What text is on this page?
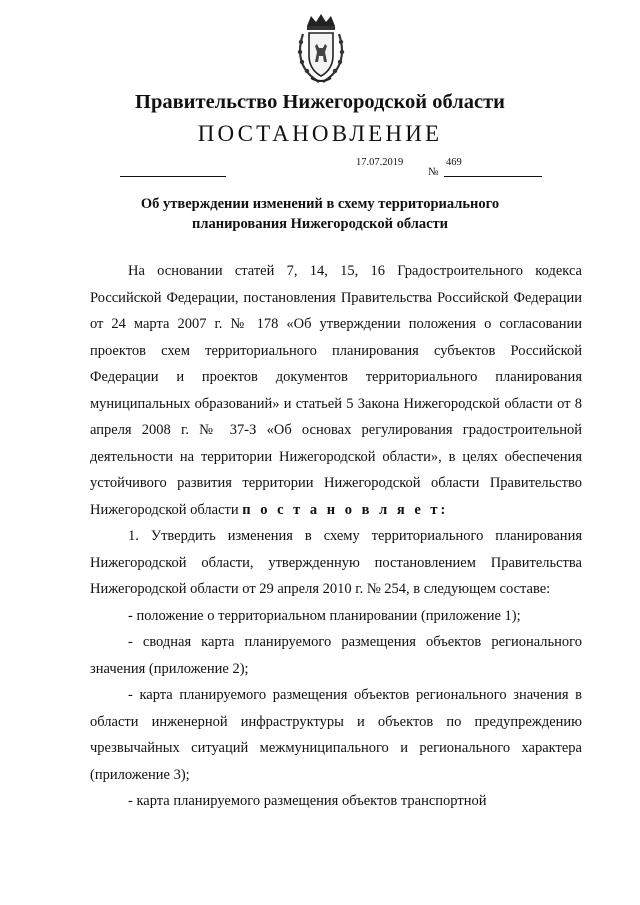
Правительство Нижегородской области
ПОСТАНОВЛЕНИЕ
17.07.2019
№
469
Об утверждении изменений в схему территориального
планирования Нижегородской области

На основании статей 7, 14, 15, 16 Градостроительного кодекса Российской Федерации, постановления Правительства Российской Федерации от 24 марта 2007 г. № 178 «Об утверждении положения о согласовании проектов схем территориального планирования субъектов Российской Федерации и проектов документов территориального планирования муниципальных образований» и статьей 5 Закона Нижегородской области от 8 апреля 2008 г. № 37-З «Об основах регулирования градостроительной деятельности на территории Нижегородской области», в целях обеспечения устойчивого развития территории Нижегородской области Правительство Нижегородской области п о с т а н о в л я е т:

1. Утвердить изменения в схему территориального планирования Нижегородской области, утвержденную постановлением Правительства Нижегородской области от 29 апреля 2010 г. № 254, в следующем составе:

- положение о территориальном планировании (приложение 1);

- сводная карта планируемого размещения объектов регионального значения (приложение 2);

- карта планируемого размещения объектов регионального значения в области инженерной инфраструктуры и объектов по предупреждению чрезвычайных ситуаций межмуниципального и регионального характера (приложение 3);

- карта планируемого размещения объектов транспортной
